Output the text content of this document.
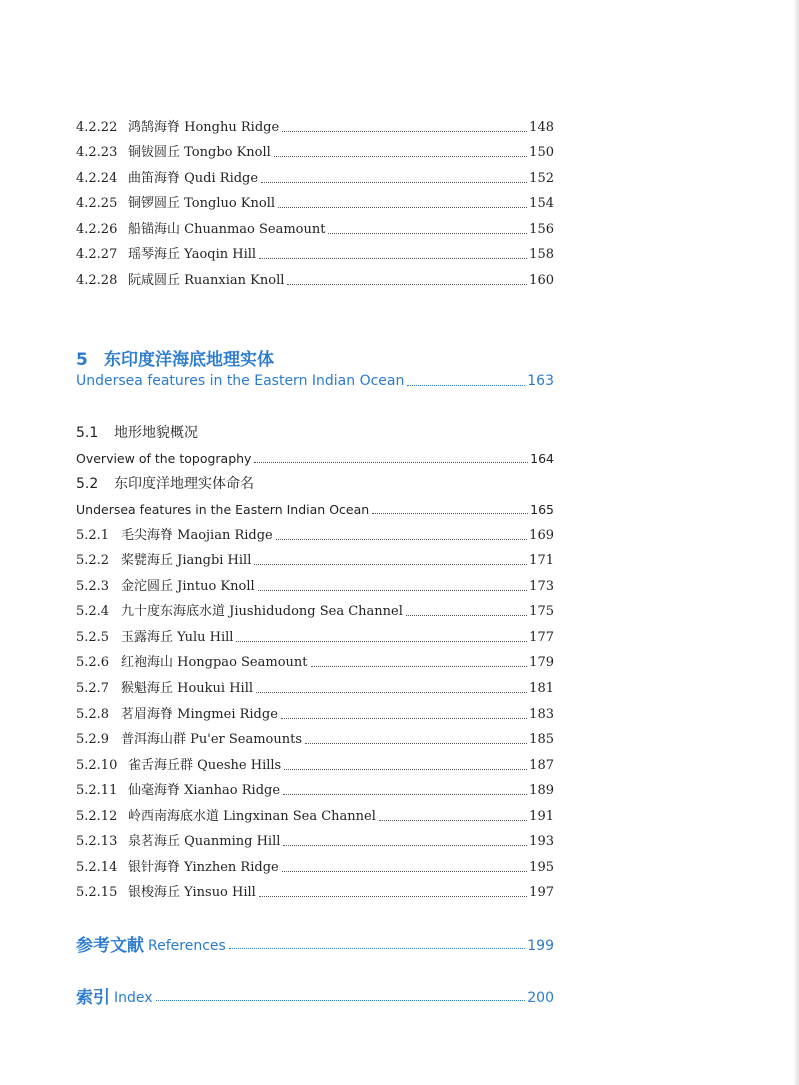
4.2.22 鸿鹄海脊 Honghu Ridge	148
4.2.23 铜钹圆丘 Tongbo Knoll	150
4.2.24 曲笛海脊 Qudi Ridge	152
4.2.25 铜锣圆丘 Tongluo Knoll	154
4.2.26 船锚海山 Chuanmao Seamount	156
4.2.27 瑶琴海丘 Yaoqin Hill	158
4.2.28 阮咸圆丘 Ruanxian Knoll	160
5 东印度洋海底地理实体
Undersea features in the Eastern Indian Ocean	163
5.1 地形地貌概况
Overview of the topography	164
5.2 东印度洋地理实体命名
Undersea features in the Eastern Indian Ocean	165
5.2.1 毛尖海脊 Maojian Ridge	169
5.2.2 桨甓海丘 Jiangbi Hill	171
5.2.3 金沱圆丘 Jintuo Knoll	173
5.2.4 九十度东海底水道 Jiushidudong Sea Channel	175
5.2.5 玉露海丘 Yulu Hill	177
5.2.6 红袍海山 Hongpao Seamount	179
5.2.7 猴魁海丘 Houkui Hill	181
5.2.8 茗眉海脊 Mingmei Ridge	183
5.2.9 普洱海山群 Pu'er Seamounts	185
5.2.10 雀舌海丘群 Queshe Hills	187
5.2.11 仙毫海脊 Xianhao Ridge	189
5.2.12 岭西南海底水道 Lingxinan Sea Channel	191
5.2.13 泉茗海丘 Quanming Hill	193
5.2.14 银针海脊 Yinzhen Ridge	195
5.2.15 银梭海丘 Yinsuo Hill	197
参考文献 References	199
索引 Index	200
